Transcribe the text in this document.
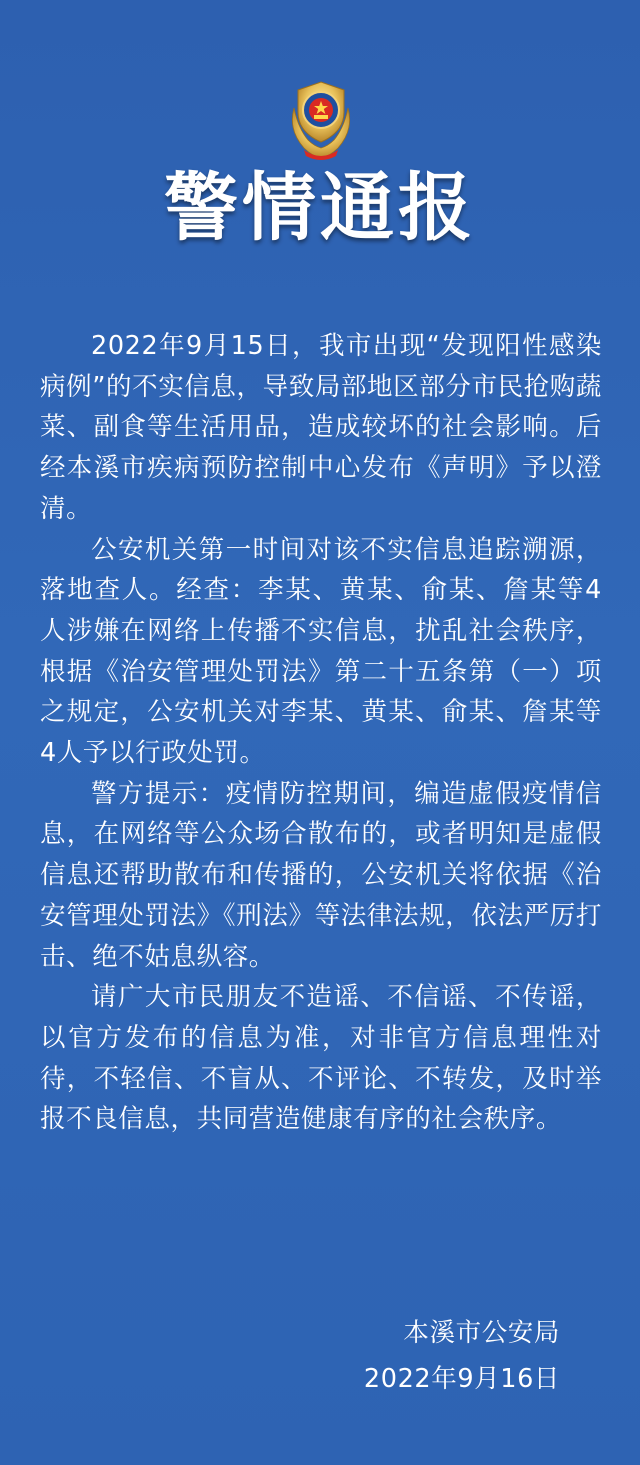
警情通报

2022年9月15日，我市出现“发现阳性感染病例”的不实信息，导致局部地区部分市民抢购蔬菜、副食等生活用品，造成较坏的社会影响。后经本溪市疾病预防控制中心发布《声明》予以澄清。

公安机关第一时间对该不实信息追踪溯源，落地查人。经查：李某、黄某、俞某、詹某等4人涉嫌在网络上传播不实信息，扰乱社会秩序，根据《治安管理处罚法》第二十五条第（一）项之规定，公安机关对李某、黄某、俞某、詹某等4人予以行政处罚。

警方提示：疫情防控期间，编造虚假疫情信息，在网络等公众场合散布的，或者明知是虚假信息还帮助散布和传播的，公安机关将依据《治安管理处罚法》《刑法》等法律法规，依法严厉打击、绝不姑息纵容。

请广大市民朋友不造谣、不信谣、不传谣，以官方发布的信息为准，对非官方信息理性对待，不轻信、不盲从、不评论、不转发，及时举报不良信息，共同营造健康有序的社会秩序。

本溪市公安局
2022年9月16日
